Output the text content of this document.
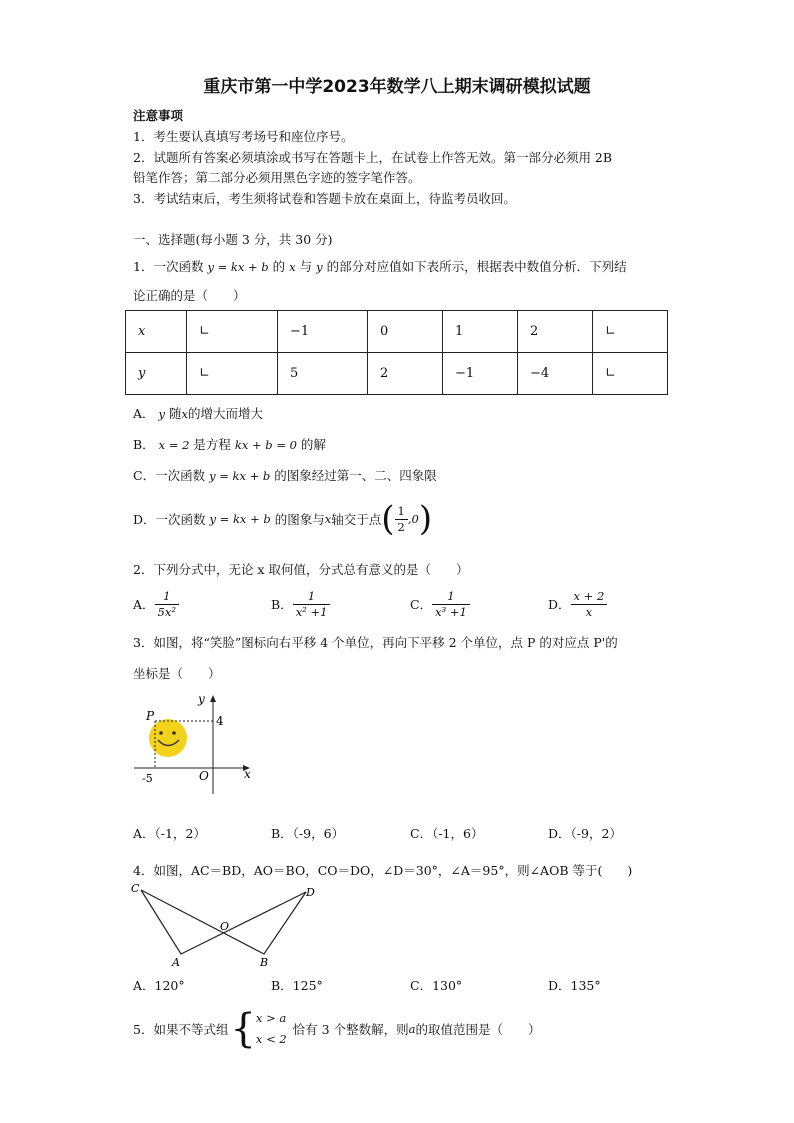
重庆市第一中学2023年数学八上期末调研模拟试题
注意事项
1．考生要认真填写考场号和座位序号。
2．试题所有答案必须填涂或书写在答题卡上，在试卷上作答无效。第一部分必须用 2B
铅笔作答；第二部分必须用黑色字迹的签字笔作答。
3．考试结束后，考生须将试卷和答题卡放在桌面上，待监考员收回。
一、选择题(每小题 3 分，共 30 分)
1．一次函数 y = kx + b 的 x 与 y 的部分对应值如下表所示，根据表中数值分析．下列结
论正确的是（　　）
x	∟	−1	0	1	2	∟
y	∟	5	2	−1	−4	∟
A． y 随x的增大而增大
B． x = 2 是方程 kx + b = 0 的解
C．一次函数 y = kx + b 的图象经过第一、二、四象限
D．一次函数
y = kx + b
的图象与 x 轴交于点 ( $\frac{1}{2} ,0$ )
2．下列分式中，无论 x 取何值，分式总有意义的是（　　）
A． $\frac{1}{\text{5x²}}$	B． $\frac{1}{\text{x² +1}}$	C． $\frac{1}{\text{x³ +1}}$	D． $\frac{x + 2}{x}$
3．如图，将“笑脸”图标向右平移 4 个单位，再向下平移 2 个单位，点 P 的对应点 P'的
坐标是（　　）
P
y
4
-5	O	x
A．（-1，2）	B．（-9，6）	C．（-1，6）	D．（-9，2）
4．如图，AC＝BD，AO＝BO，CO＝DO，∠D＝30°，∠A＝95°，则∠AOB 等于(　　)
C	D
O
A	B
A．120°	B．125°	C．130°	D．135°
5．如果不等式组 { x > a
x < 2
恰有 3 个整数解，则 a 的取值范围是（　　）
